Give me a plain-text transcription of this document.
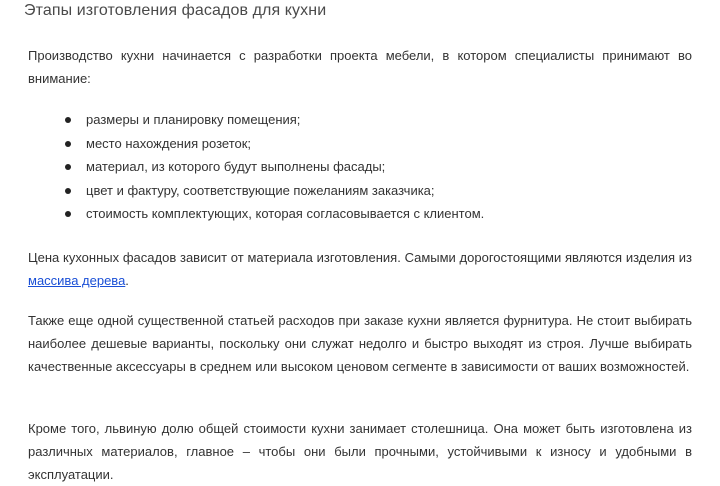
Этапы изготовления фасадов для кухни

Производство кухни начинается с разработки проекта мебели, в котором специалисты принимают во внимание:

размеры и планировку помещения;
место нахождения розеток;
материал, из которого будут выполнены фасады;
цвет и фактуру, соответствующие пожеланиям заказчика;
стоимость комплектующих, которая согласовывается с клиентом.

Цена кухонных фасадов зависит от материала изготовления. Самыми дорогостоящими являются изделия из массива дерева.

Также еще одной существенной статьей расходов при заказе кухни является фурнитура. Не стоит выбирать наиболее дешевые варианты, поскольку они служат недолго и быстро выходят из строя. Лучше выбирать качественные аксессуары в среднем или высоком ценовом сегменте в зависимости от ваших возможностей.

Кроме того, львиную долю общей стоимости кухни занимает столешница. Она может быть изготовлена из различных материалов, главное – чтобы они были прочными, устойчивыми к износу и удобными в эксплуатации.
